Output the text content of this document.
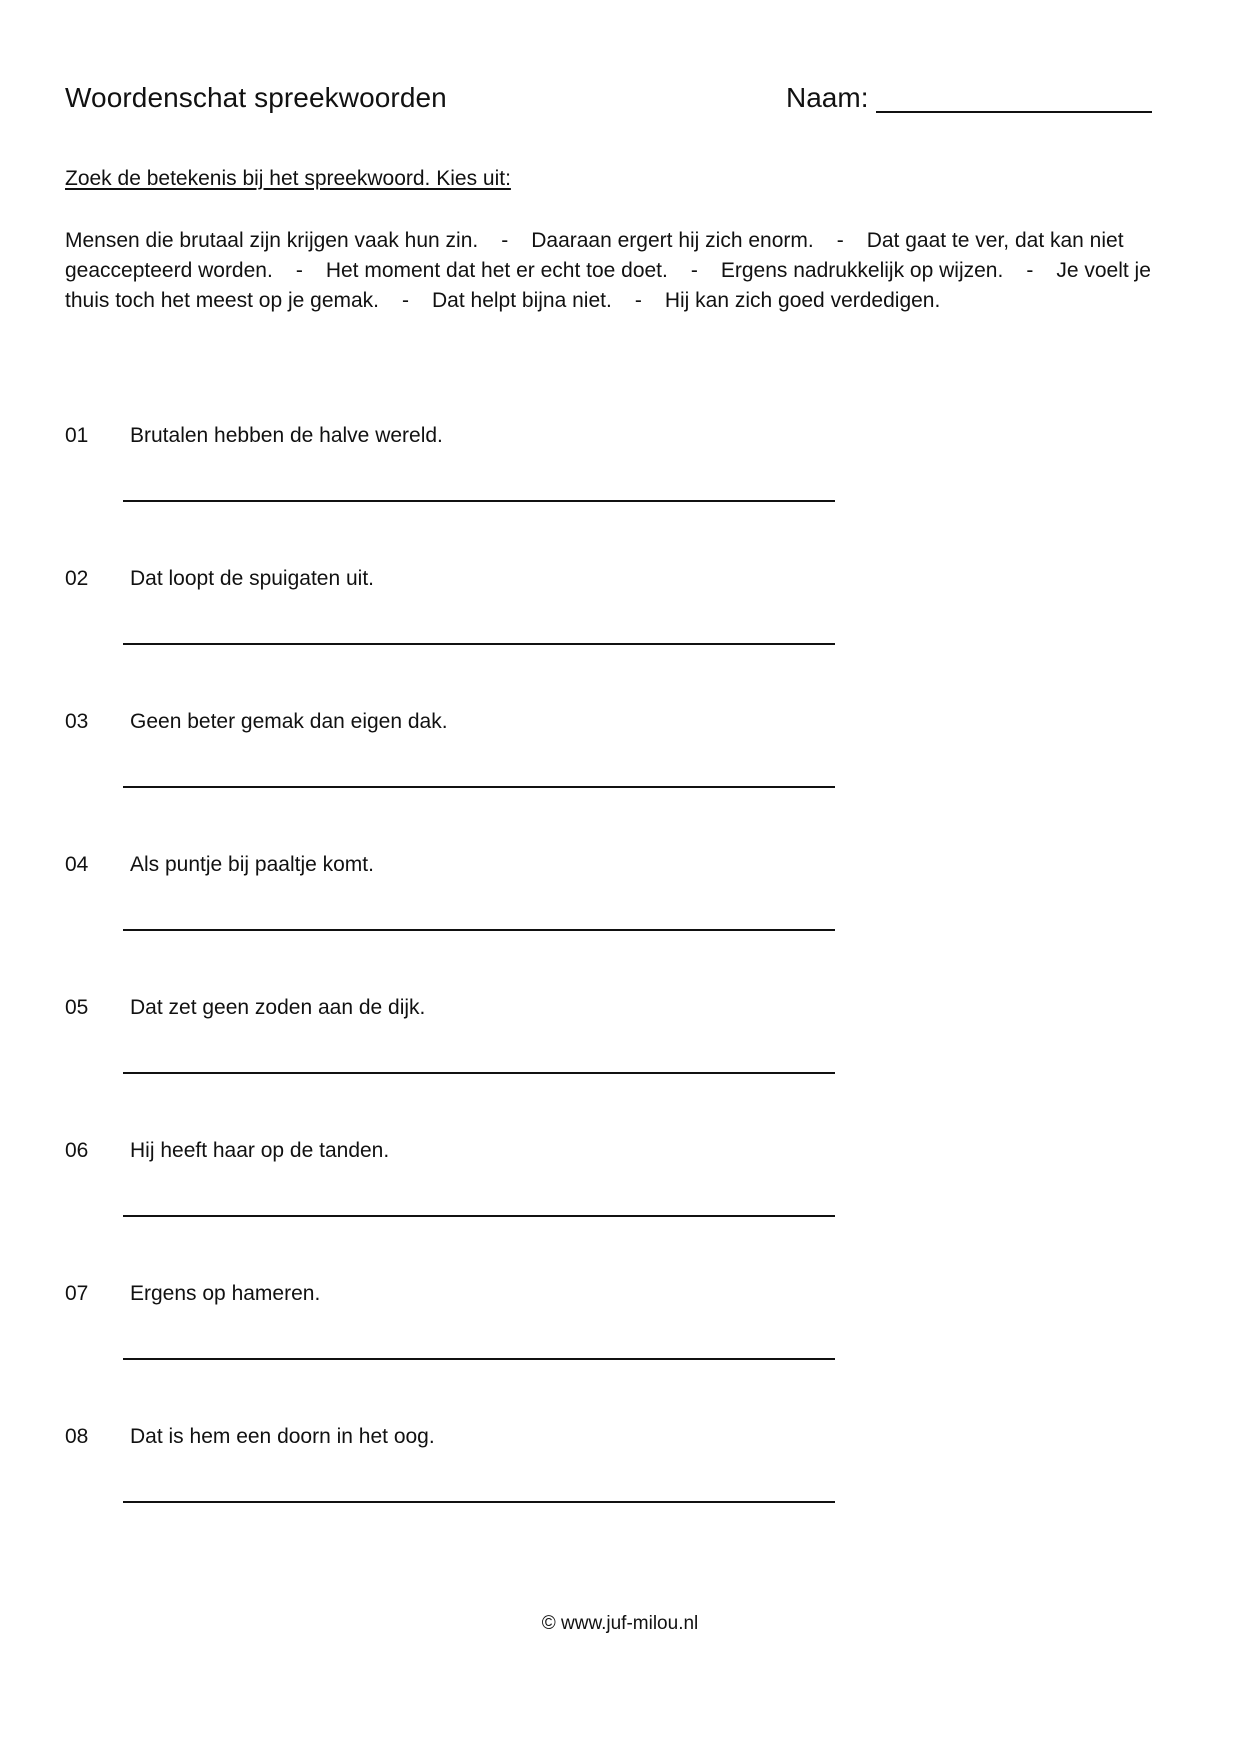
Woordenschat spreekwoorden	Naam:
Zoek de betekenis bij het spreekwoord. Kies uit:
Mensen die brutaal zijn krijgen vaak hun zin. - Daaraan ergert hij zich enorm. - Dat gaat te ver, dat kan niet geaccepteerd worden. - Het moment dat het er echt toe doet. - Ergens nadrukkelijk op wijzen. - Je voelt je thuis toch het meest op je gemak. - Dat helpt bijna niet. - Hij kan zich goed verdedigen.
01 Brutalen hebben de halve wereld.
02 Dat loopt de spuigaten uit.
03 Geen beter gemak dan eigen dak.
04 Als puntje bij paaltje komt.
05 Dat zet geen zoden aan de dijk.
06 Hij heeft haar op de tanden.
07 Ergens op hameren.
08 Dat is hem een doorn in het oog.
© www.juf-milou.nl
